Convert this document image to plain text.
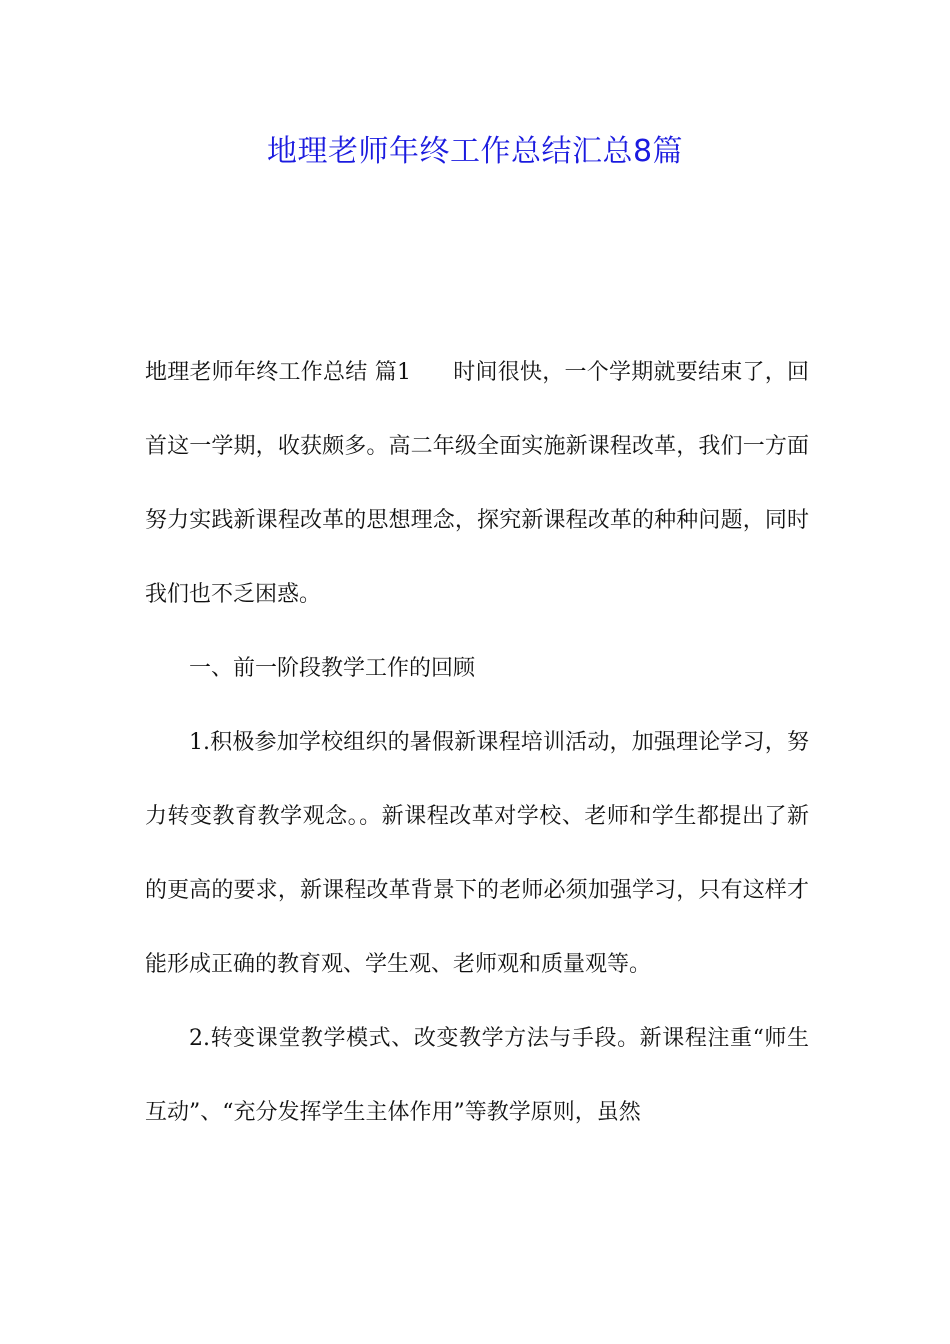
地理老师年终工作总结汇总8篇

地理老师年终工作总结 篇1 时间很快，一个学期就要结束了，回首这一学期，收获颇多。高二年级全面实施新课程改革，我们一方面努力实践新课程改革的思想理念，探究新课程改革的种种问题，同时我们也不乏困惑。

一、前一阶段教学工作的回顾

1.积极参加学校组织的暑假新课程培训活动，加强理论学习，努力转变教育教学观念。。新课程改革对学校、老师和学生都提出了新的更高的要求，新课程改革背景下的老师必须加强学习，只有这样才能形成正确的教育观、学生观、老师观和质量观等。

2.转变课堂教学模式、改变教学方法与手段。新课程注重“师生互动”、“充分发挥学生主体作用”等教学原则，虽然
